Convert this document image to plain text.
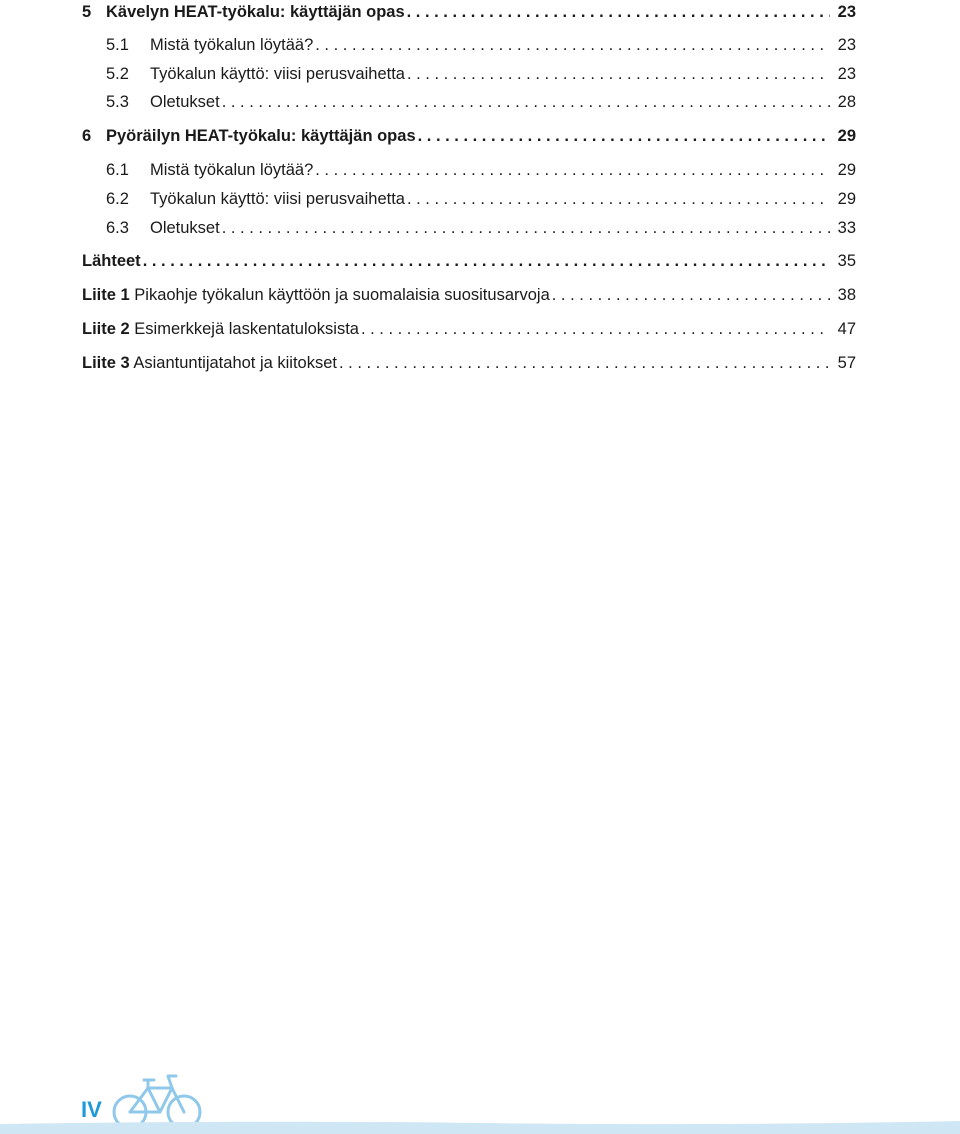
5 Kävelyn HEAT-työkalu: käyttäjän opas . . .	23
5.1	Mistä työkalun löytää? . . .	23
5.2	Työkalun käyttö: viisi perusvaihetta . . .	23
5.3	Oletukset . . .	28
6 Pyöräilyn HEAT-työkalu: käyttäjän opas . . .	29
6.1	Mistä työkalun löytää? . . .	29
6.2	Työkalun käyttö: viisi perusvaihetta . . .	29
6.3	Oletukset . . .	33
Lähteet . . .	35
Liite 1 Pikaohje työkalun käyttöön ja suomalaisia suositusarvoja . . .	38
Liite 2 Esimerkkejä laskentatuloksista . . .	47
Liite 3 Asiantuntijatahot ja kiitokset . . .	57
IV
